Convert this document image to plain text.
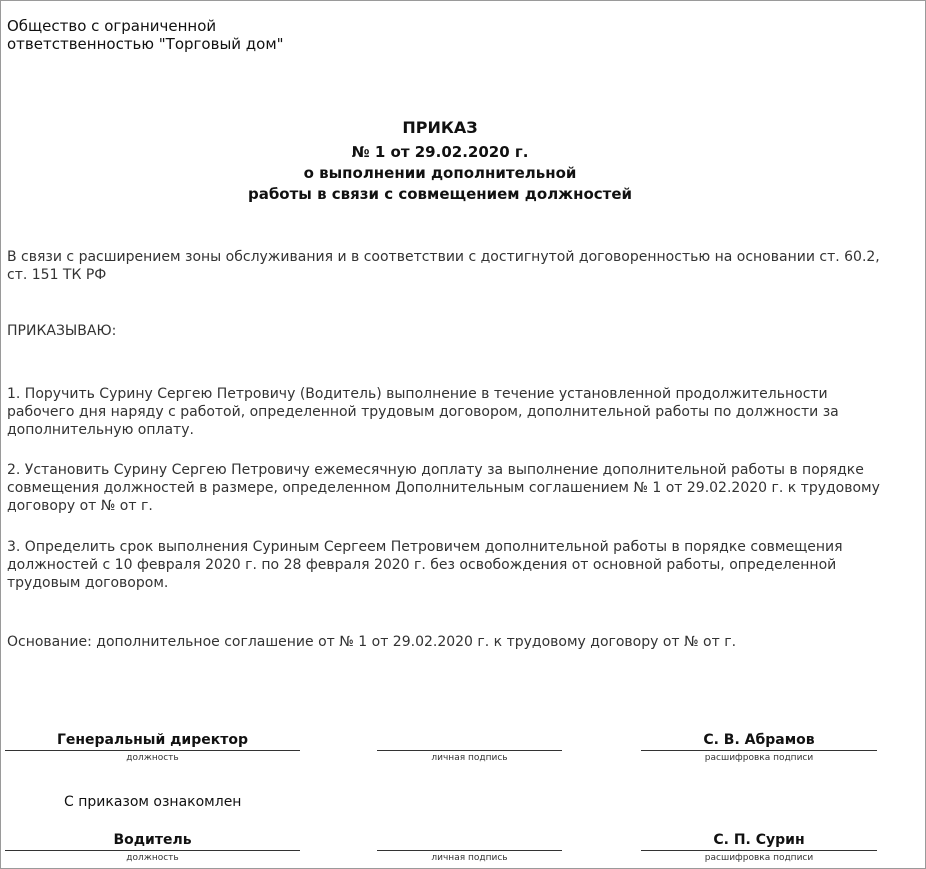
Общество с ограниченной ответственностью "Торговый дом"
ПРИКАЗ
№ 1 от 29.02.2020 г.
о выполнении дополнительной
работы в связи с совмещением должностей
В связи с расширением зоны обслуживания и в соответствии с достигнутой договоренностью на основании ст. 60.2, ст. 151 ТК РФ
ПРИКАЗЫВАЮ:
1. Поручить Сурину Сергею Петровичу (Водитель) выполнение в течение установленной продолжительности рабочего дня наряду с работой, определенной трудовым договором, дополнительной работы по должности за дополнительную оплату.
2. Установить Сурину Сергею Петровичу ежемесячную доплату за выполнение дополнительной работы в порядке совмещения должностей в размере, определенном Дополнительным соглашением № 1 от 29.02.2020 г. к трудовому договору от № от г.
3. Определить срок выполнения Суриным Сергеем Петровичем дополнительной работы в порядке совмещения должностей с 10 февраля 2020 г. по 28 февраля 2020 г. без освобождения от основной работы, определенной трудовым договором.
Основание: дополнительное соглашение от № 1 от 29.02.2020 г. к трудовому договору от № от г.
Генеральный директор	С. В. Абрамов
должность	личная подпись	расшифровка подписи
С приказом ознакомлен
Водитель	С. П. Сурин
должность	личная подпись	расшифровка подписи
